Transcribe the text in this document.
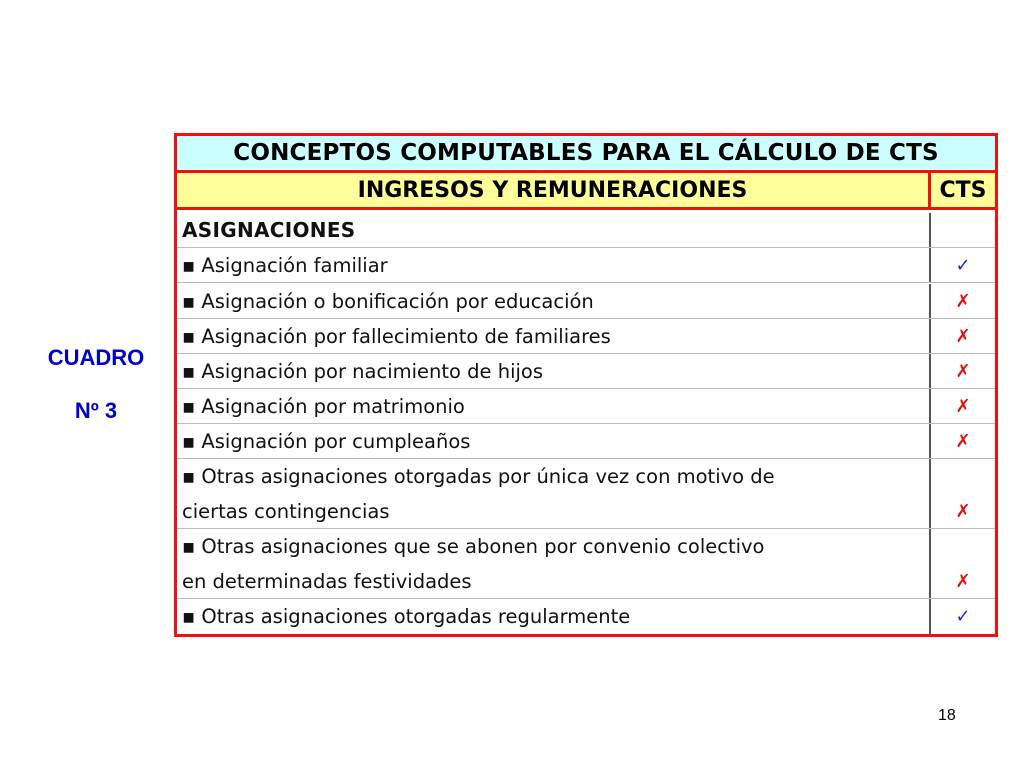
CUADRO
Nº 3
CONCEPTOS COMPUTABLES PARA EL CÁLCULO DE CTS
INGRESOS Y REMUNERACIONES	CTS
ASIGNACIONES
▪ Asignación familiar	✓
▪ Asignación o bonificación por educación	✗
▪ Asignación por fallecimiento de familiares	✗
▪ Asignación por nacimiento de hijos	✗
▪ Asignación por matrimonio	✗
▪ Asignación por cumpleaños	✗
▪ Otras asignaciones otorgadas por única vez con motivo de
ciertas contingencias	✗
▪ Otras asignaciones que se abonen por convenio colectivo
en determinadas festividades	✗
▪ Otras asignaciones otorgadas regularmente	✓
18
